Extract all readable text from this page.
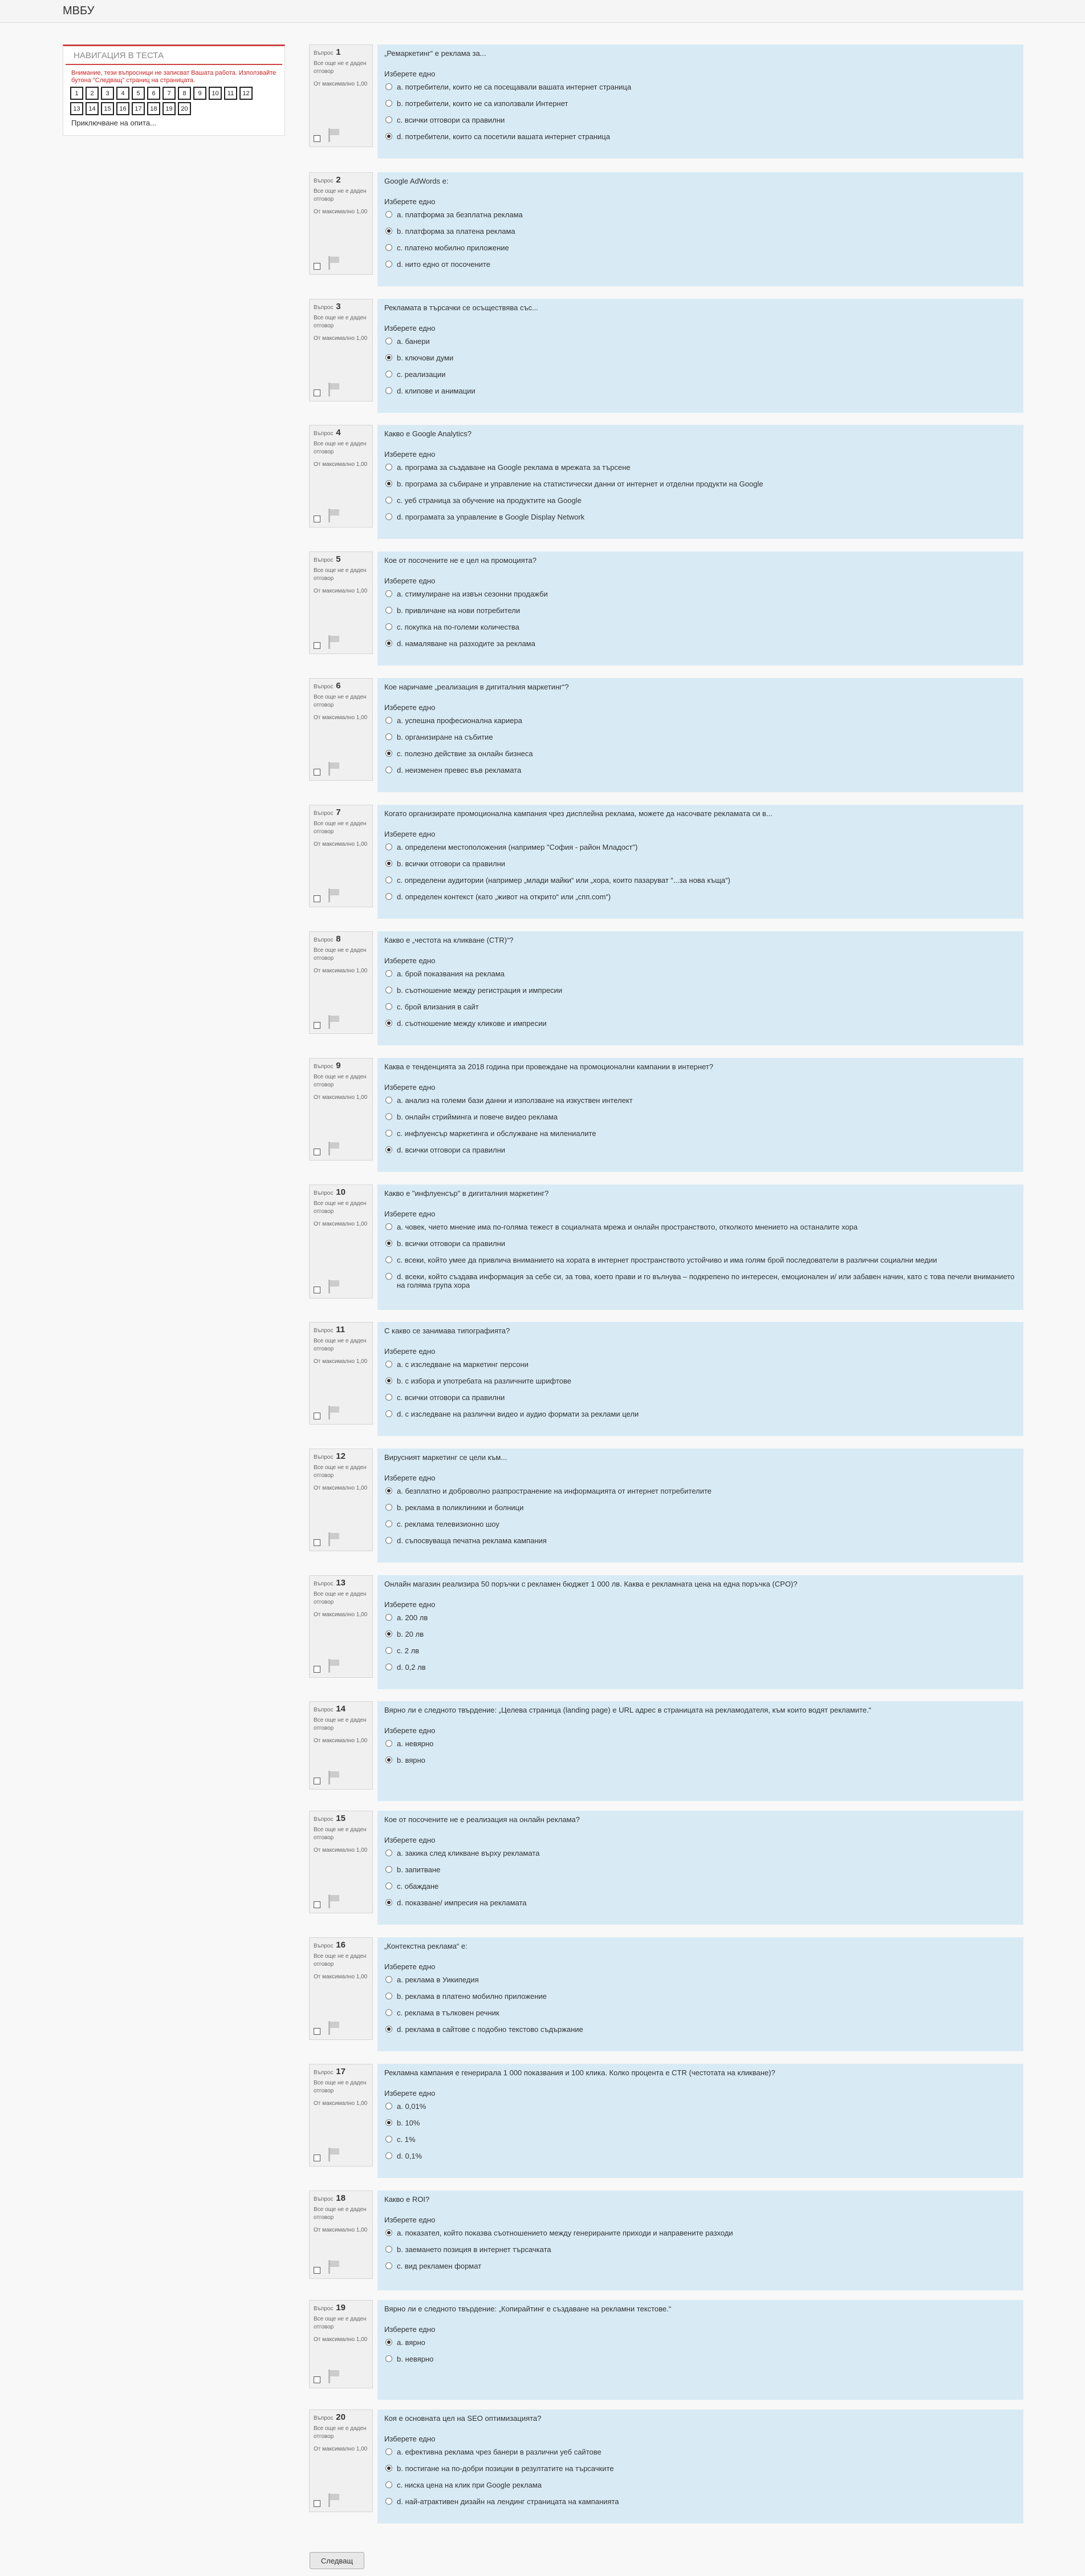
МВБУ
НАВИГАЦИЯ В ТЕСТА
Внимание, тези въпросници не записват Вашата работа. Използвайте бутона "Следващ" страниц на страницата.
1	2	3	4	5	6	7	8	9	10	11	12
13	14	15	16	17	18	19	20
Приключване на опита...
Въпрос 1
Все още не е даден отговор
От максимално 1,00
„Ремаркетинг“ е реклама за...
Изберете едно
a. потребители, които не са посещавали вашата интернет страница
b. потребители, които не са използвали Интернет
c. всички отговори са правилни
d. потребители, които са посетили вашата интернет страница
Въпрос 2
Все още не е даден отговор
От максимално 1,00
Google AdWords е:
Изберете едно
a. платформа за безплатна реклама
b. платформа за платена реклама
c. платено мобилно приложение
d. нито едно от посочените
Въпрос 3
Все още не е даден отговор
От максимално 1,00
Рекламата в търсачки се осъществява със...
Изберете едно
a. банери
b. ключови думи
c. реализации
d. клипове и анимации
Въпрос 4
Все още не е даден отговор
От максимално 1,00
Какво е Google Analytics?
Изберете едно
a. програма за създаване на Google реклама в мрежата за търсене
b. програма за събиране и управление на статистически данни от интернет и отделни продукти на Google
c. уеб страница за обучение на продуктите на Google
d. програмата за управление в Google Display Network
Въпрос 5
Все още не е даден отговор
От максимално 1,00
Кое от посочените не е цел на промоцията?
Изберете едно
a. стимулиране на извън сезонни продажби
b. привличане на нови потребители
c. покупка на по-големи количества
d. намаляване на разходите за реклама
Въпрос 6
Все още не е даден отговор
От максимално 1,00
Кое наричаме „реализация в дигиталния маркетинг“?
Изберете едно
a. успешна професионална кариера
b. организиране на събитие
c. полезно действие за онлайн бизнеса
d. неизменен превес във рекламата
Въпрос 7
Все още не е даден отговор
От максимално 1,00
Когато организирате промоционална кампания чрез дисплейна реклама, можете да насочвате рекламата си в...
Изберете едно
a. определени местоположения (например "София - район Младост")
b. всички отговори са правилни
c. определени аудитории (например „млади майки“ или „хора, които пазаруват “...за нова къща“)
d. определен контекст (като „живот на открито“ или „спп.com“)
Въпрос 8
Все още не е даден отговор
От максимално 1,00
Какво е „честота на кликване (CTR)“?
Изберете едно
a. брой показвания на реклама
b. съотношение между регистрация и импресии
c. брой влизания в сайт
d. съотношение между кликове и импресии
Въпрос 9
Все още не е даден отговор
От максимално 1,00
Каква е тенденцията за 2018 година при провеждане на промоционални кампании в интернет?
Изберете едно
a. анализ на големи бази данни и използване на изкуствен интелект
b. онлайн стрийминга и повече видео реклама
c. инфлуенсър маркетинга и обслужване на милениалите
d. всички отговори са правилни
Въпрос 10
Все още не е даден отговор
От максимално 1,00
Какво е "инфлуенсър" в дигиталния маркетинг?
Изберете едно
a. човек, чието мнение има по-голяма тежест в социалната мрежа и онлайн пространството, отколкото мнението на останалите хора
b. всички отговори са правилни
c. всеки, който умее да привлича вниманието на хората в интернет пространството устойчиво и има голям брой последователи в различни социални медии
d. всеки, който създава информация за себе си, за това, което прави и го вълнува – подкрепено по интересен, емоционален и/ или забавен начин, като с това печели вниманието на голяма група хора
Въпрос 11
Все още не е даден отговор
От максимално 1,00
С какво се занимава типографията?
Изберете едно
a. с изследване на маркетинг персони
b. с избора и употребата на различните шрифтове
c. всички отговори са правилни
d. с изследване на различни видео и аудио формати за реклами цели
Въпрос 12
Все още не е даден отговор
От максимално 1,00
Вирусният маркетинг се цели към...
Изберете едно
a. безплатно и доброволно разпространение на информацията от интернет потребителите
b. реклама в поликлиники и болници
c. реклама телевизионно шоу
d. съпосвуваща печатна реклама кампания
Въпрос 13
Все още не е даден отговор
От максимално 1,00
Онлайн магазин реализира 50 поръчки с рекламен бюджет 1 000 лв. Каква е рекламната цена на една поръчка (CPO)?
Изберете едно
a. 200 лв
b. 20 лв
c. 2 лв
d. 0,2 лв
Въпрос 14
Все още не е даден отговор
От максимално 1,00
Вярно ли е следното твърдение: „Целева страница (landing page) е URL адрес в страницата на рекламодателя, към които водят рекламите.“
Изберете едно
a. невярно
b. вярно
Въпрос 15
Все още не е даден отговор
От максимално 1,00
Кое от посочените не е реализация на онлайн реклама?
Изберете едно
a. закика след кликване върху рекламата
b. запитване
c. обаждане
d. показване/ импресия на рекламата
Въпрос 16
Все още не е даден отговор
От максимално 1,00
„Контекстна реклама“ е:
Изберете едно
a. реклама в Уикипедия
b. реклама в платено мобилно приложение
c. реклама в тълковен речник
d. реклама в сайтове с подобно текстово съдържание
Въпрос 17
Все още не е даден отговор
От максимално 1,00
Рекламна кампания е генерирала 1 000 показвания и 100 клика. Колко процента е CTR (честотата на кликване)?
Изберете едно
a. 0,01%
b. 10%
c. 1%
d. 0,1%
Въпрос 18
Все още не е даден отговор
От максимално 1,00
Какво е ROI?
Изберете едно
a. показател, който показва съотношението между генерираните приходи и направените разходи
b. заемането позиция в интернет търсачката
c. вид рекламен формат
Въпрос 19
Все още не е даден отговор
От максимално 1,00
Вярно ли е следното твърдение: „Копирайтинг е създаване на рекламни текстове.“
Изберете едно
a. вярно
b. невярно
Въпрос 20
Все още не е даден отговор
От максимално 1,00
Коя е основната цел на SEO оптимизацията?
Изберете едно
a. ефективна реклама чрез банери в различни уеб сайтове
b. постигане на по-добри позиции в резултатите на търсачките
c. ниска цена на клик при Google реклама
d. най-атрактивен дизайн на лендинг страницата на кампанията
Следващ
